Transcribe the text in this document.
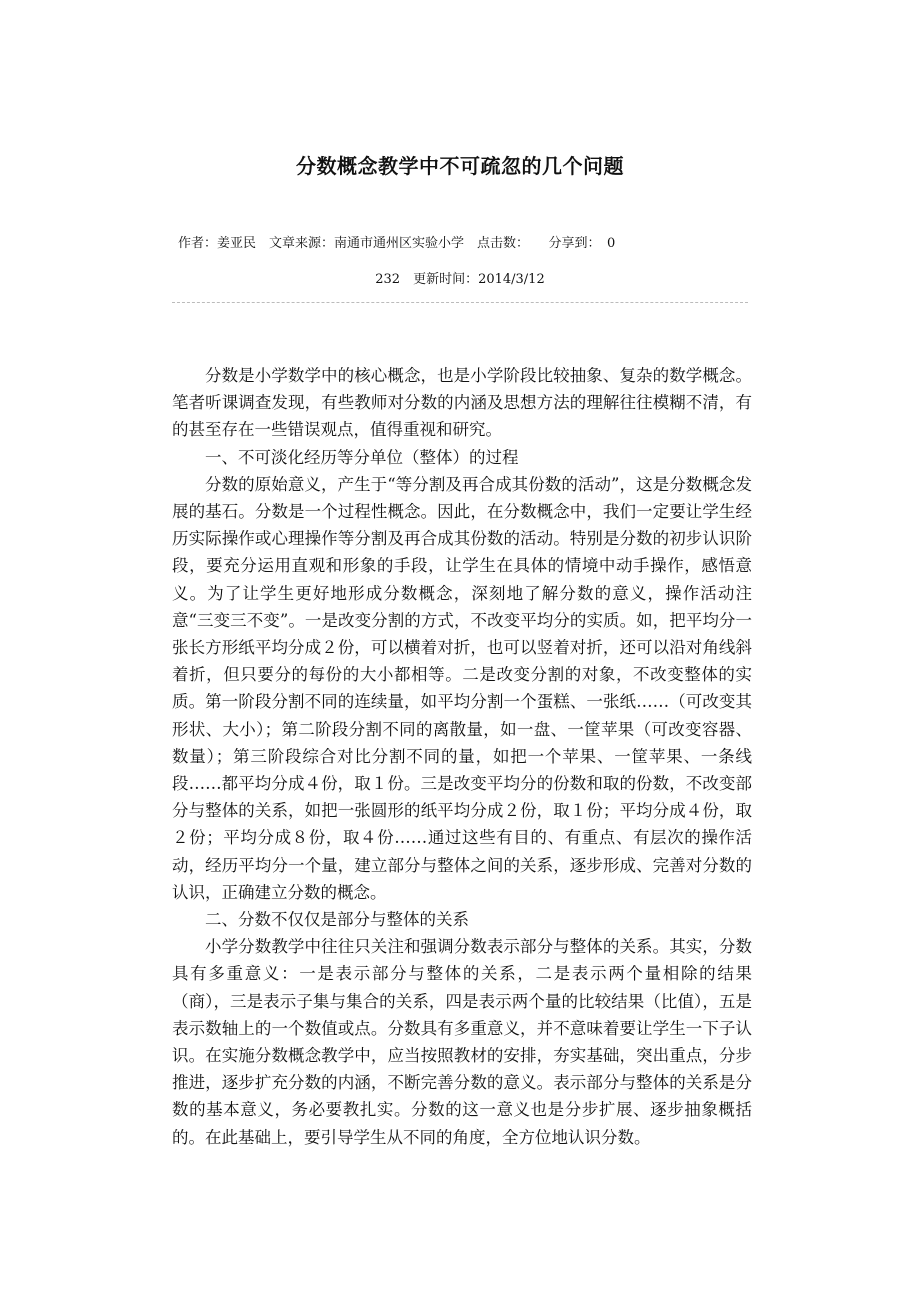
分数概念教学中不可疏忽的几个问题
作者：姜亚民　文章来源：南通市通州区实验小学　点击数：　　分享到：　0
232　更新时间：2014/3/12

分数是小学数学中的核心概念，也是小学阶段比较抽象、复杂的数学概念。笔者听课调查发现，有些教师对分数的内涵及思想方法的理解往往模糊不清，有的甚至存在一些错误观点，值得重视和研究。

一、不可淡化经历等分单位（整体）的过程

分数的原始意义，产生于“等分割及再合成其份数的活动”，这是分数概念发展的基石。分数是一个过程性概念。因此，在分数概念中，我们一定要让学生经历实际操作或心理操作等分割及再合成其份数的活动。特别是分数的初步认识阶段，要充分运用直观和形象的手段，让学生在具体的情境中动手操作，感悟意义。为了让学生更好地形成分数概念，深刻地了解分数的意义，操作活动注意“三变三不变”。一是改变分割的方式，不改变平均分的实质。如，把平均分一张长方形纸平均分成２份，可以横着对折，也可以竖着对折，还可以沿对角线斜着折，但只要分的每份的大小都相等。二是改变分割的对象，不改变整体的实质。第一阶段分割不同的连续量，如平均分割一个蛋糕、一张纸……（可改变其形状、大小）；第二阶段分割不同的离散量，如一盘、一筐苹果（可改变容器、数量）；第三阶段综合对比分割不同的量，如把一个苹果、一筐苹果、一条线段……都平均分成４份，取１份。三是改变平均分的份数和取的份数，不改变部分与整体的关系，如把一张圆形的纸平均分成２份，取１份；平均分成４份，取２份；平均分成８份，取４份……通过这些有目的、有重点、有层次的操作活动，经历平均分一个量，建立部分与整体之间的关系，逐步形成、完善对分数的认识，正确建立分数的概念。

二、分数不仅仅是部分与整体的关系

小学分数教学中往往只关注和强调分数表示部分与整体的关系。其实，分数具有多重意义：一是表示部分与整体的关系，二是表示两个量相除的结果（商），三是表示子集与集合的关系，四是表示两个量的比较结果（比值），五是表示数轴上的一个数值或点。分数具有多重意义，并不意味着要让学生一下子认识。在实施分数概念教学中，应当按照教材的安排，夯实基础，突出重点，分步推进，逐步扩充分数的内涵，不断完善分数的意义。表示部分与整体的关系是分数的基本意义，务必要教扎实。分数的这一意义也是分步扩展、逐步抽象概括的。在此基础上，要引导学生从不同的角度，全方位地认识分数。
